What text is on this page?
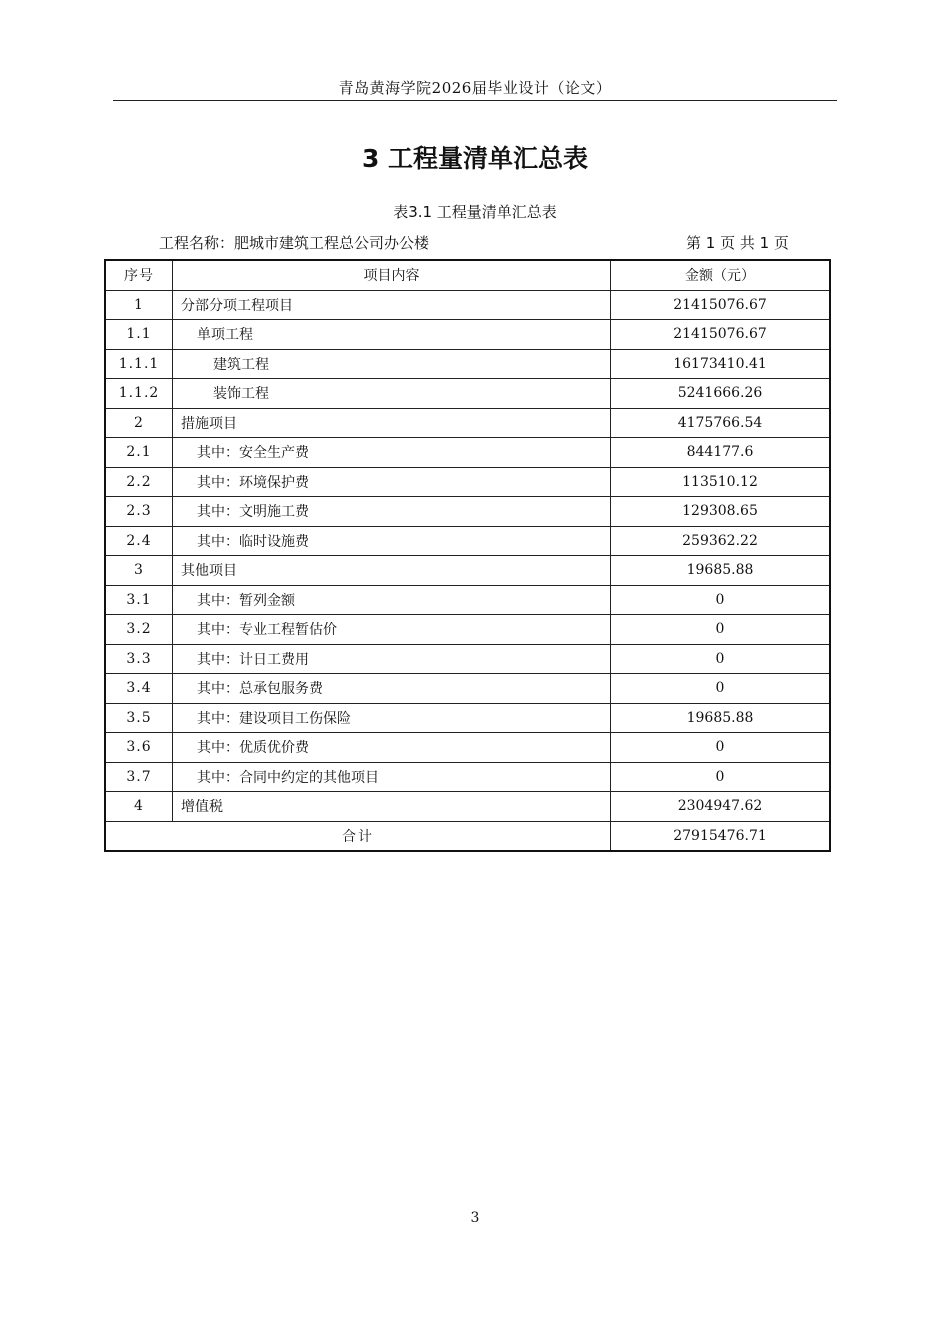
青岛黄海学院2026届毕业设计（论文）
3 工程量清单汇总表
表3.1 工程量清单汇总表
工程名称：肥城市建筑工程总公司办公楼	第 1 页 共 1 页
序号	项目内容	金额（元）
1	分部分项工程项目	21415076.67
1.1	单项工程	21415076.67
1.1.1	建筑工程	16173410.41
1.1.2	装饰工程	5241666.26
2	措施项目	4175766.54
2.1	其中：安全生产费	844177.6
2.2	其中：环境保护费	113510.12
2.3	其中：文明施工费	129308.65
2.4	其中：临时设施费	259362.22
3	其他项目	19685.88
3.1	其中：暂列金额	0
3.2	其中：专业工程暂估价	0
3.3	其中：计日工费用	0
3.4	其中：总承包服务费	0
3.5	其中：建设项目工伤保险	19685.88
3.6	其中：优质优价费	0
3.7	其中：合同中约定的其他项目	0
4	增值税	2304947.62
合计		27915476.71
3
